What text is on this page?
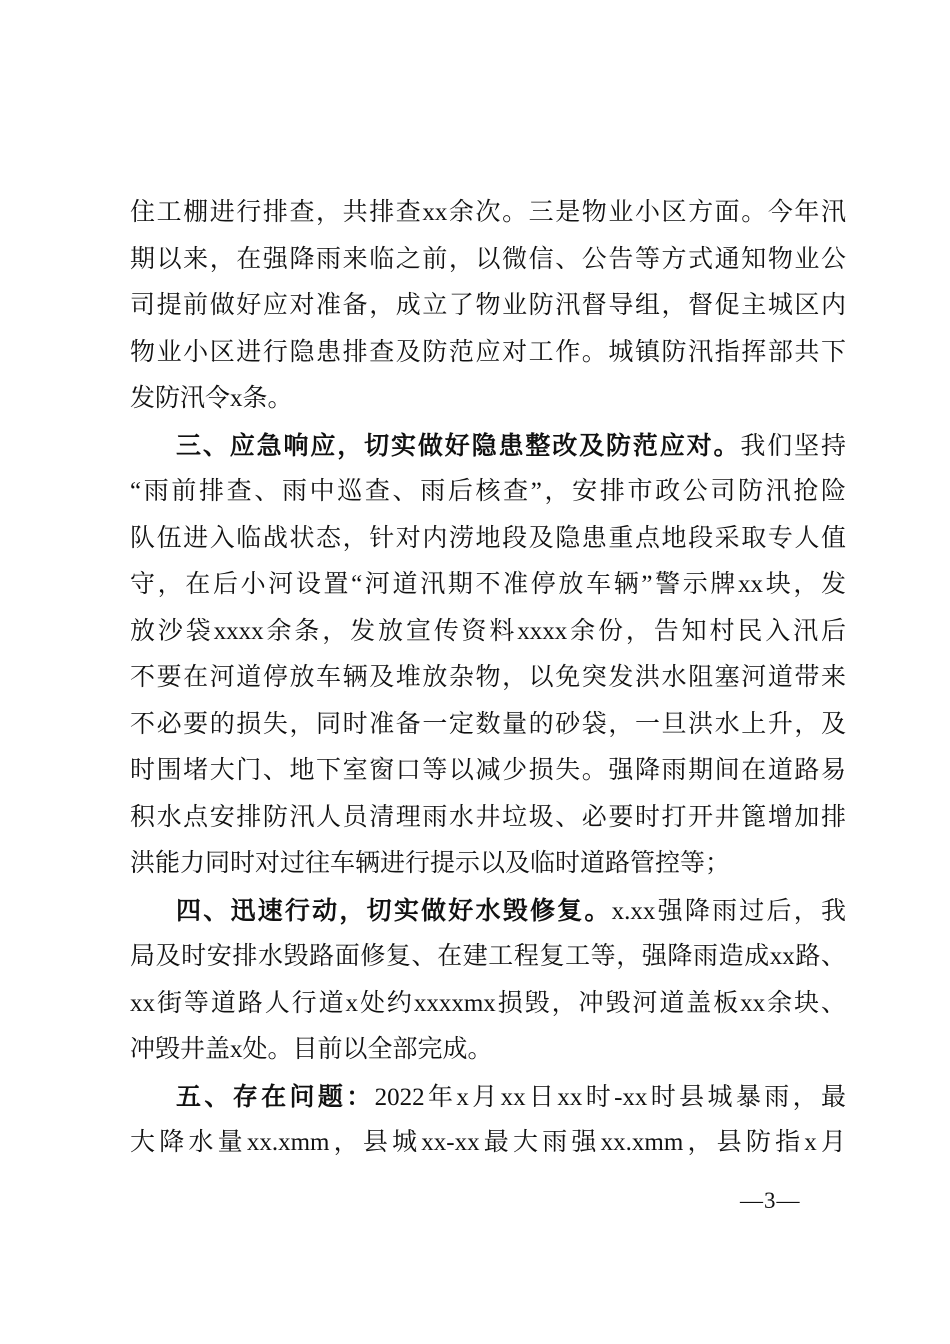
住工棚进行排查，共排查xx余次。三是物业小区方面。今年汛
期以来，在强降雨来临之前，以微信、公告等方式通知物业公
司提前做好应对准备，成立了物业防汛督导组，督促主城区内
物业小区进行隐患排查及防范应对工作。城镇防汛指挥部共下
发防汛令x条。
三、应急响应，切实做好隐患整改及防范应对。我们坚持
“雨前排查、雨中巡查、雨后核查”，安排市政公司防汛抢险
队伍进入临战状态，针对内涝地段及隐患重点地段采取专人值
守，在后小河设置“河道汛期不准停放车辆”警示牌xx块，发
放沙袋xxxx余条，发放宣传资料xxxx余份，告知村民入汛后
不要在河道停放车辆及堆放杂物，以免突发洪水阻塞河道带来
不必要的损失，同时准备一定数量的砂袋，一旦洪水上升，及
时围堵大门、地下室窗口等以减少损失。强降雨期间在道路易
积水点安排防汛人员清理雨水井垃圾、必要时打开井篦增加排
洪能力同时对过往车辆进行提示以及临时道路管控等；
四、迅速行动，切实做好水毁修复。x.xx强降雨过后，我
局及时安排水毁路面修复、在建工程复工等，强降雨造成xx路、
xx街等道路人行道x处约xxxxmx损毁，冲毁河道盖板xx余块、
冲毁井盖x处。目前以全部完成。
五、存在问题：2022年x月xx日xx时-xx时县城暴雨，最
大降水量xx.xmm，县城xx-xx最大雨强xx.xmm，县防指x月
—3—
